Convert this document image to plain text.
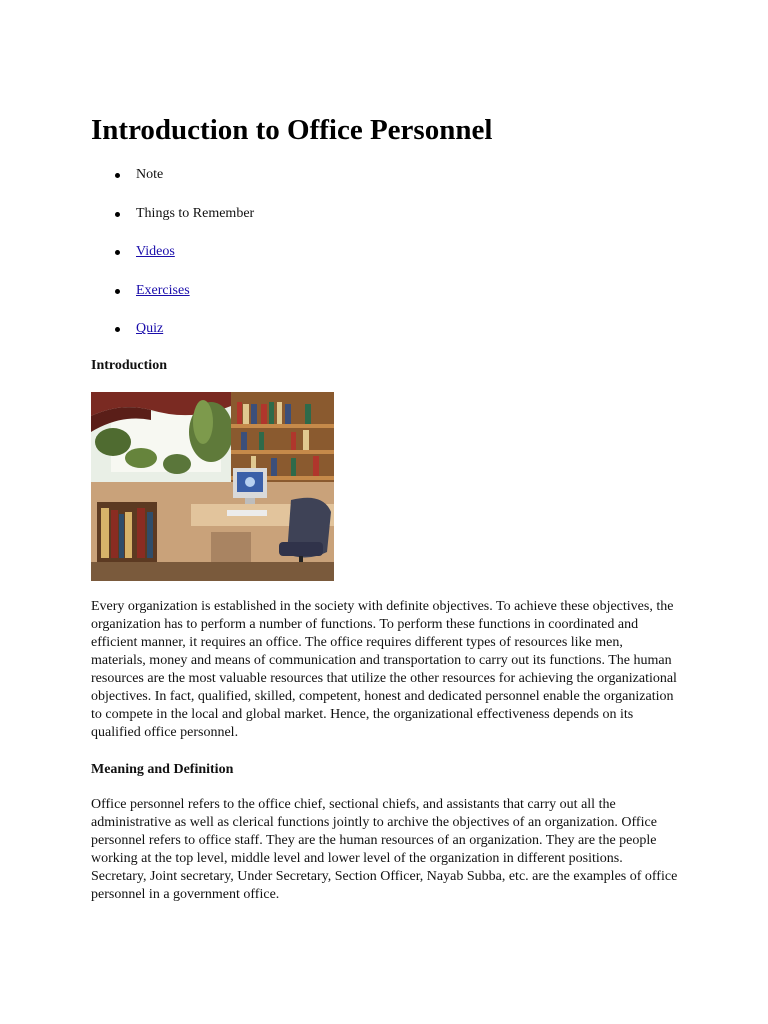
Introduction to Office Personnel
Note
Things to Remember
Videos
Exercises
Quiz
Introduction

Every organization is established in the society with definite objectives. To achieve these objectives, the organization has to perform a number of functions. To perform these functions in coordinated and efficient manner, it requires an office. The office requires different types of resources like men, materials, money and means of communication and transportation to carry out its functions. The human resources are the most valuable resources that utilize the other resources for achieving the organizational objectives. In fact, qualified, skilled, competent, honest and dedicated personnel enable the organization to compete in the local and global market. Hence, the organizational effectiveness depends on its qualified office personnel.

Meaning and Definition

Office personnel refers to the office chief, sectional chiefs, and assistants that carry out all the administrative as well as clerical functions jointly to archive the objectives of an organization. Office personnel refers to office staff. They are the human resources of an organization. They are the people working at the top level, middle level and lower level of the organization in different positions. Secretary, Joint secretary, Under Secretary, Section Officer, Nayab Subba, etc. are the examples of office personnel in a government office.
